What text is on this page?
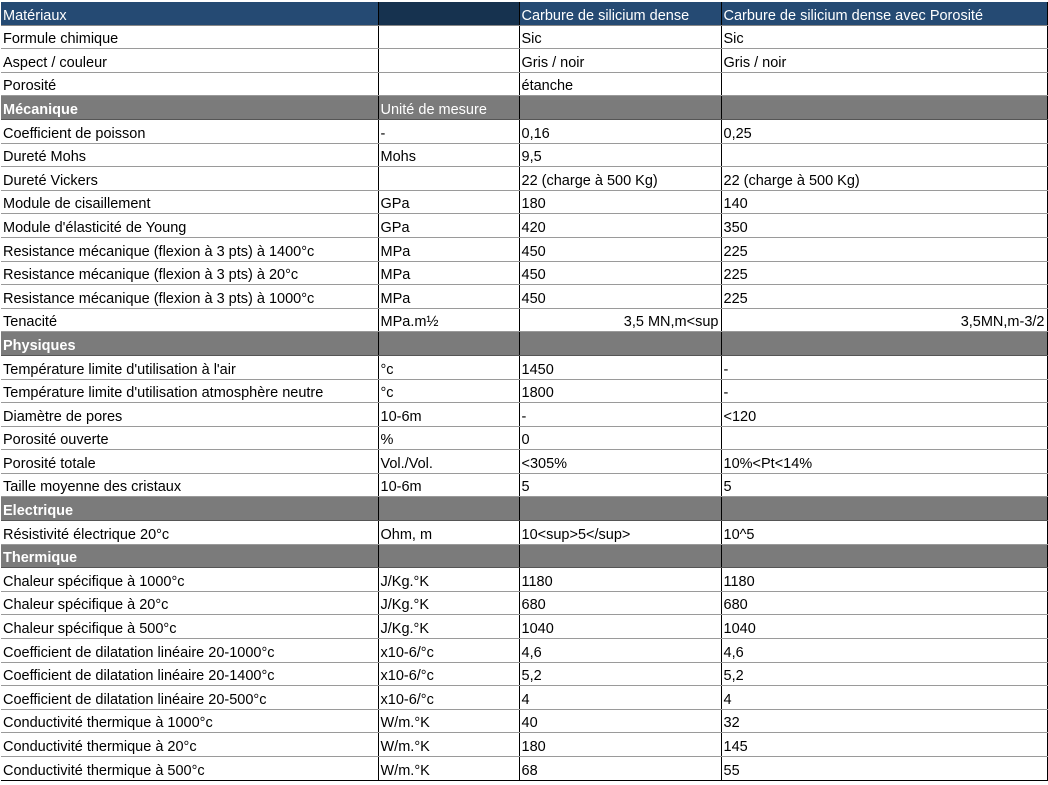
Matériaux		Carbure de silicium dense	Carbure de silicium dense avec Porosité
Formule chimique		Sic	Sic
Aspect / couleur		Gris / noir	Gris / noir
Porosité		étanche	
Mécanique	Unité de mesure		
Coefficient de poisson	-	0,16	0,25
Dureté Mohs	Mohs	9,5	
Dureté Vickers		22 (charge à 500 Kg)	22 (charge à 500 Kg)
Module de cisaillement	GPa	180	140
Module d'élasticité de Young	GPa	420	350
Resistance mécanique (flexion à 3 pts) à 1400°c	MPa	450	225
Resistance mécanique (flexion à 3 pts) à 20°c	MPa	450	225
Resistance mécanique (flexion à 3 pts) à 1000°c	MPa	450	225
Tenacité	MPa.m½	3,5 MN,m<sup	3,5MN,m-3/2
Physiques			
Température limite d'utilisation à l'air	°c	1450	-
Température limite d'utilisation atmosphère neutre	°c	1800	-
Diamètre de pores	10-6m	-	<120
Porosité ouverte	%	0	
Porosité totale	Vol./Vol.	<305%	10%<Pt<14%
Taille moyenne des cristaux	10-6m	5	5
Electrique			
Résistivité électrique 20°c	Ohm, m	10<sup>5</sup>	10^5
Thermique			
Chaleur spécifique à 1000°c	J/Kg.°K	1180	1180
Chaleur spécifique à 20°c	J/Kg.°K	680	680
Chaleur spécifique à 500°c	J/Kg.°K	1040	1040
Coefficient de dilatation linéaire 20-1000°c	x10-6/°c	4,6	4,6
Coefficient de dilatation linéaire 20-1400°c	x10-6/°c	5,2	5,2
Coefficient de dilatation linéaire 20-500°c	x10-6/°c	4	4
Conductivité thermique à 1000°c	W/m.°K	40	32
Conductivité thermique à 20°c	W/m.°K	180	145
Conductivité thermique à 500°c	W/m.°K	68	55
